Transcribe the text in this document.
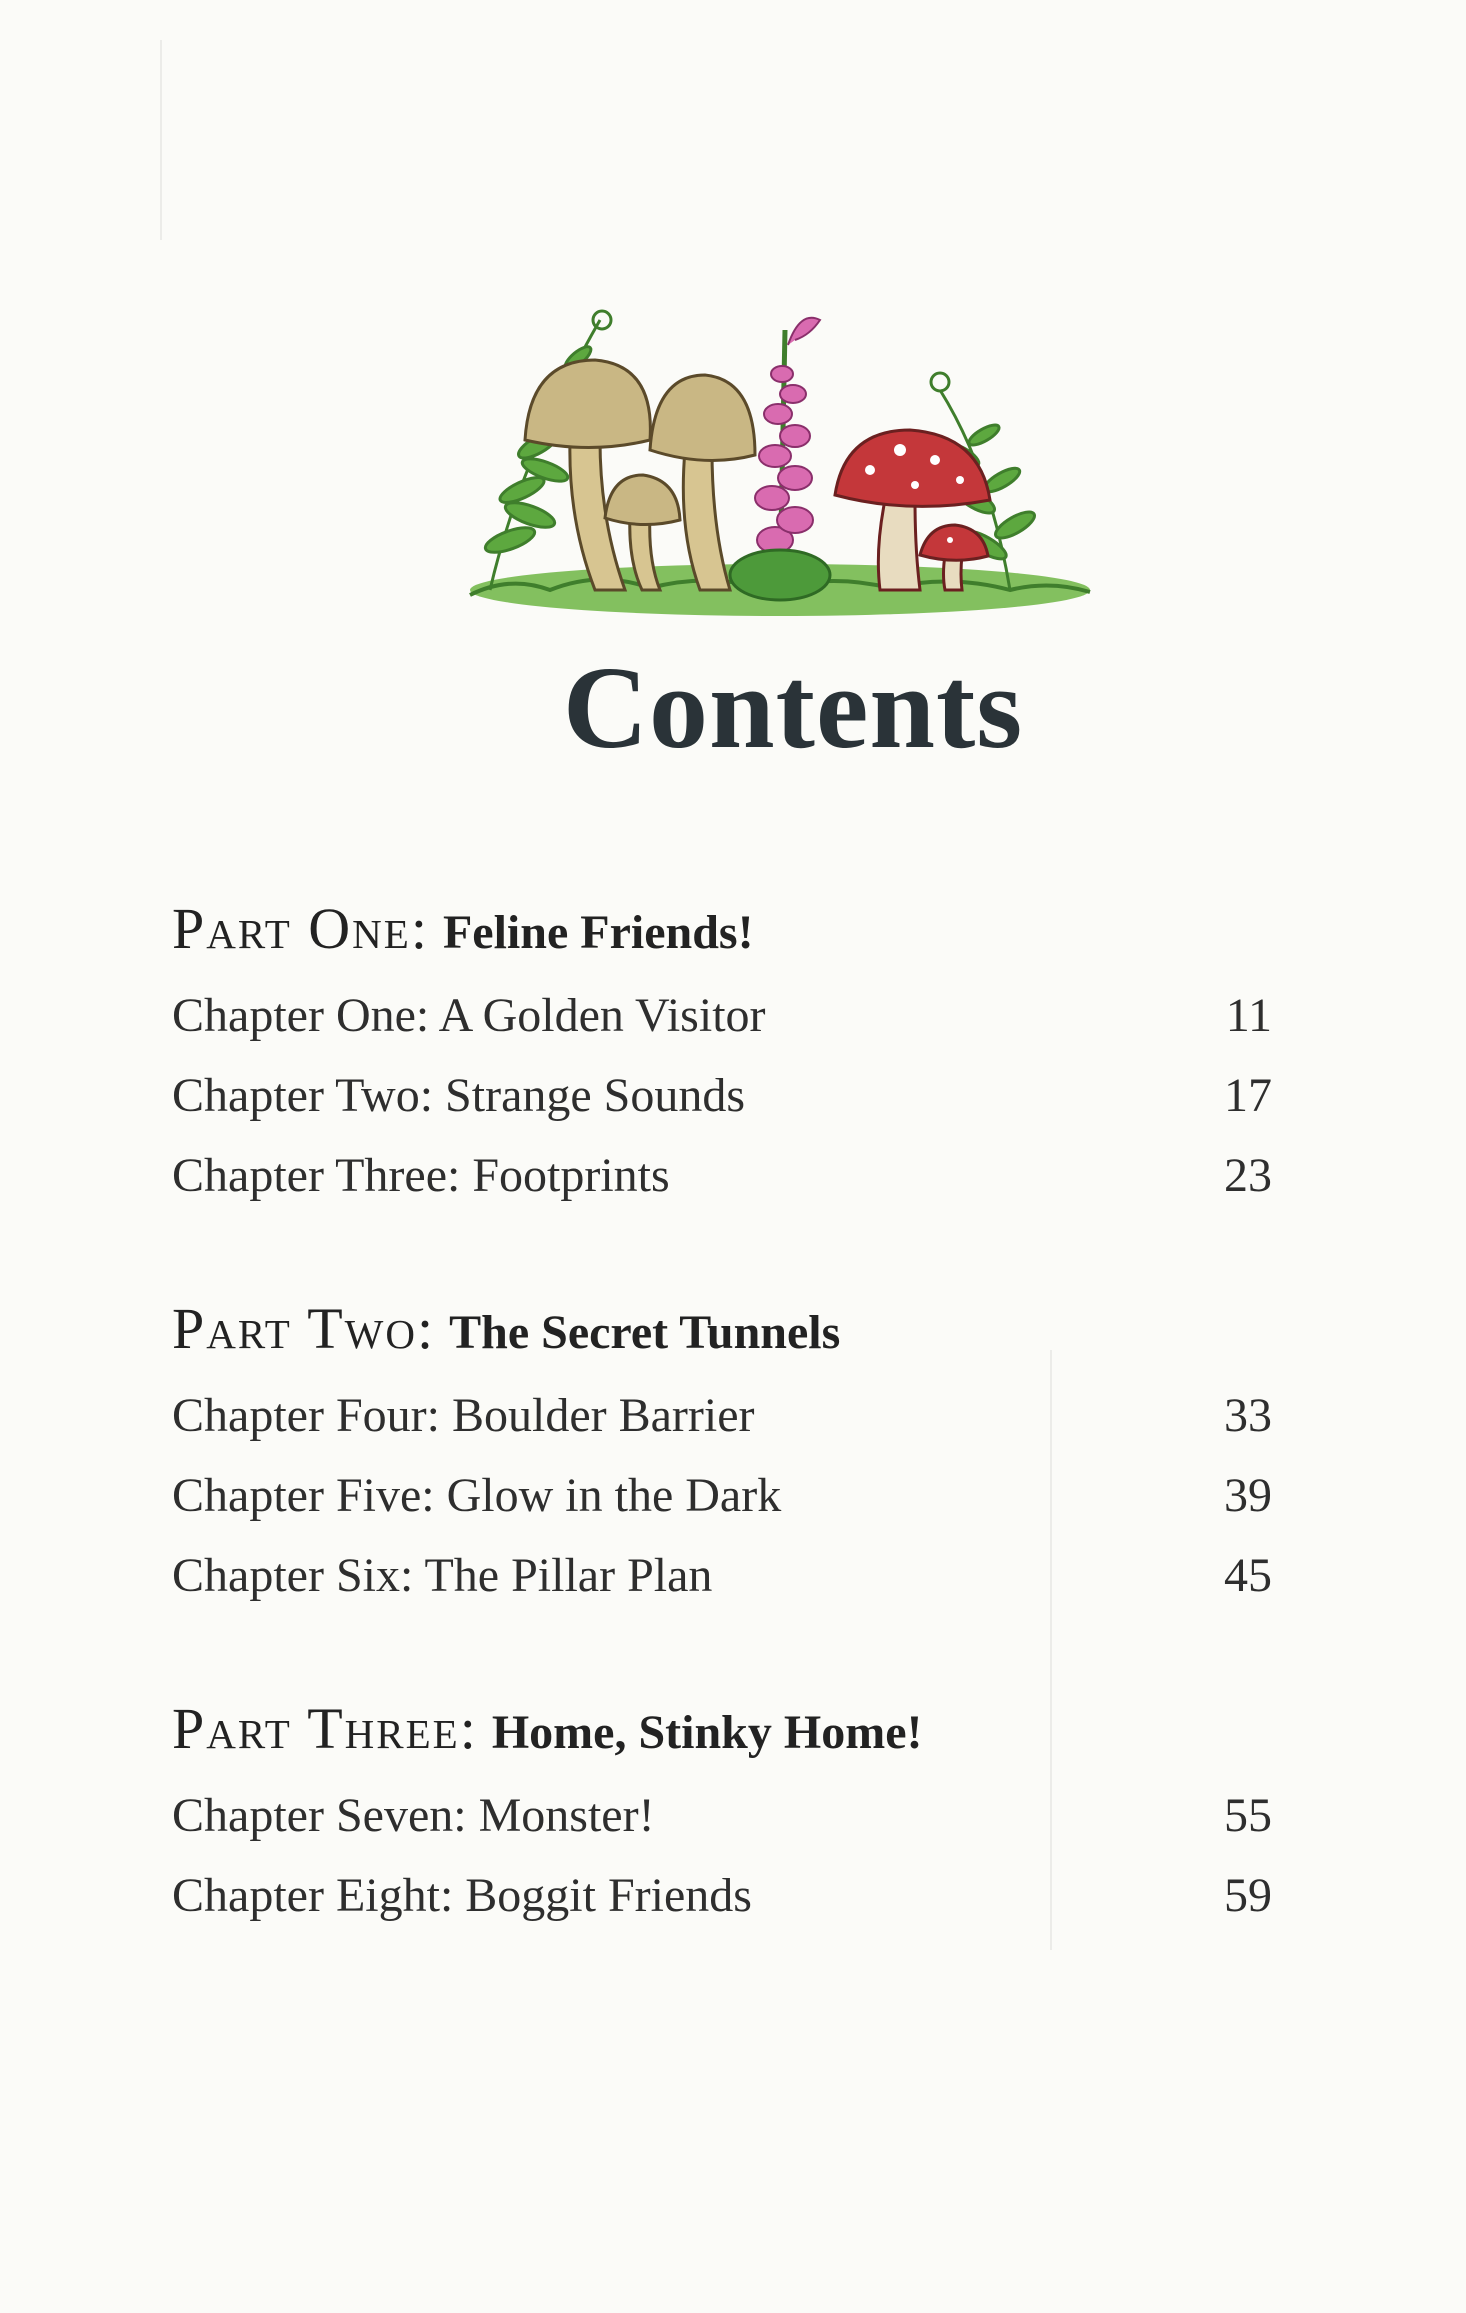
Contents
Part One: Feline Friends!
Chapter One: A Golden Visitor	11
Chapter Two: Strange Sounds	17
Chapter Three: Footprints	23
Part Two: The Secret Tunnels
Chapter Four: Boulder Barrier	33
Chapter Five: Glow in the Dark	39
Chapter Six: The Pillar Plan	45
Part Three: Home, Stinky Home!
Chapter Seven: Monster!	55
Chapter Eight: Boggit Friends	59
